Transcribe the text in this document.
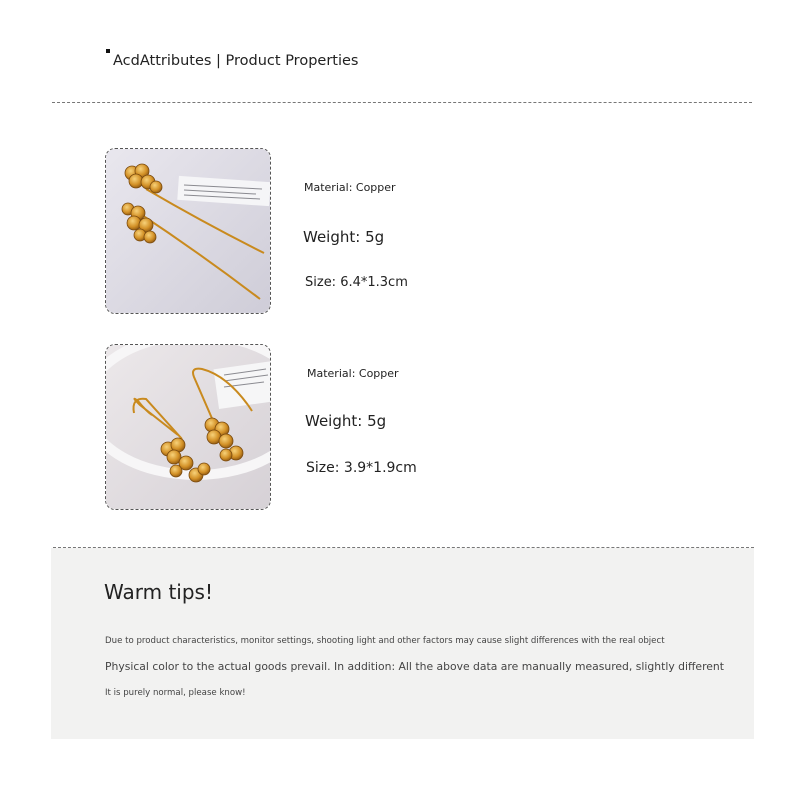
AcdAttributes | Product Properties
Material: Copper
Weight: 5g
Size: 6.4*1.3cm
Material: Copper
Weight: 5g
Size: 3.9*1.9cm
Warm tips!
Due to product characteristics, monitor settings, shooting light and other factors may cause slight differences with the real object
Physical color to the actual goods prevail. In addition: All the above data are manually measured, slightly different
It is purely normal, please know!
